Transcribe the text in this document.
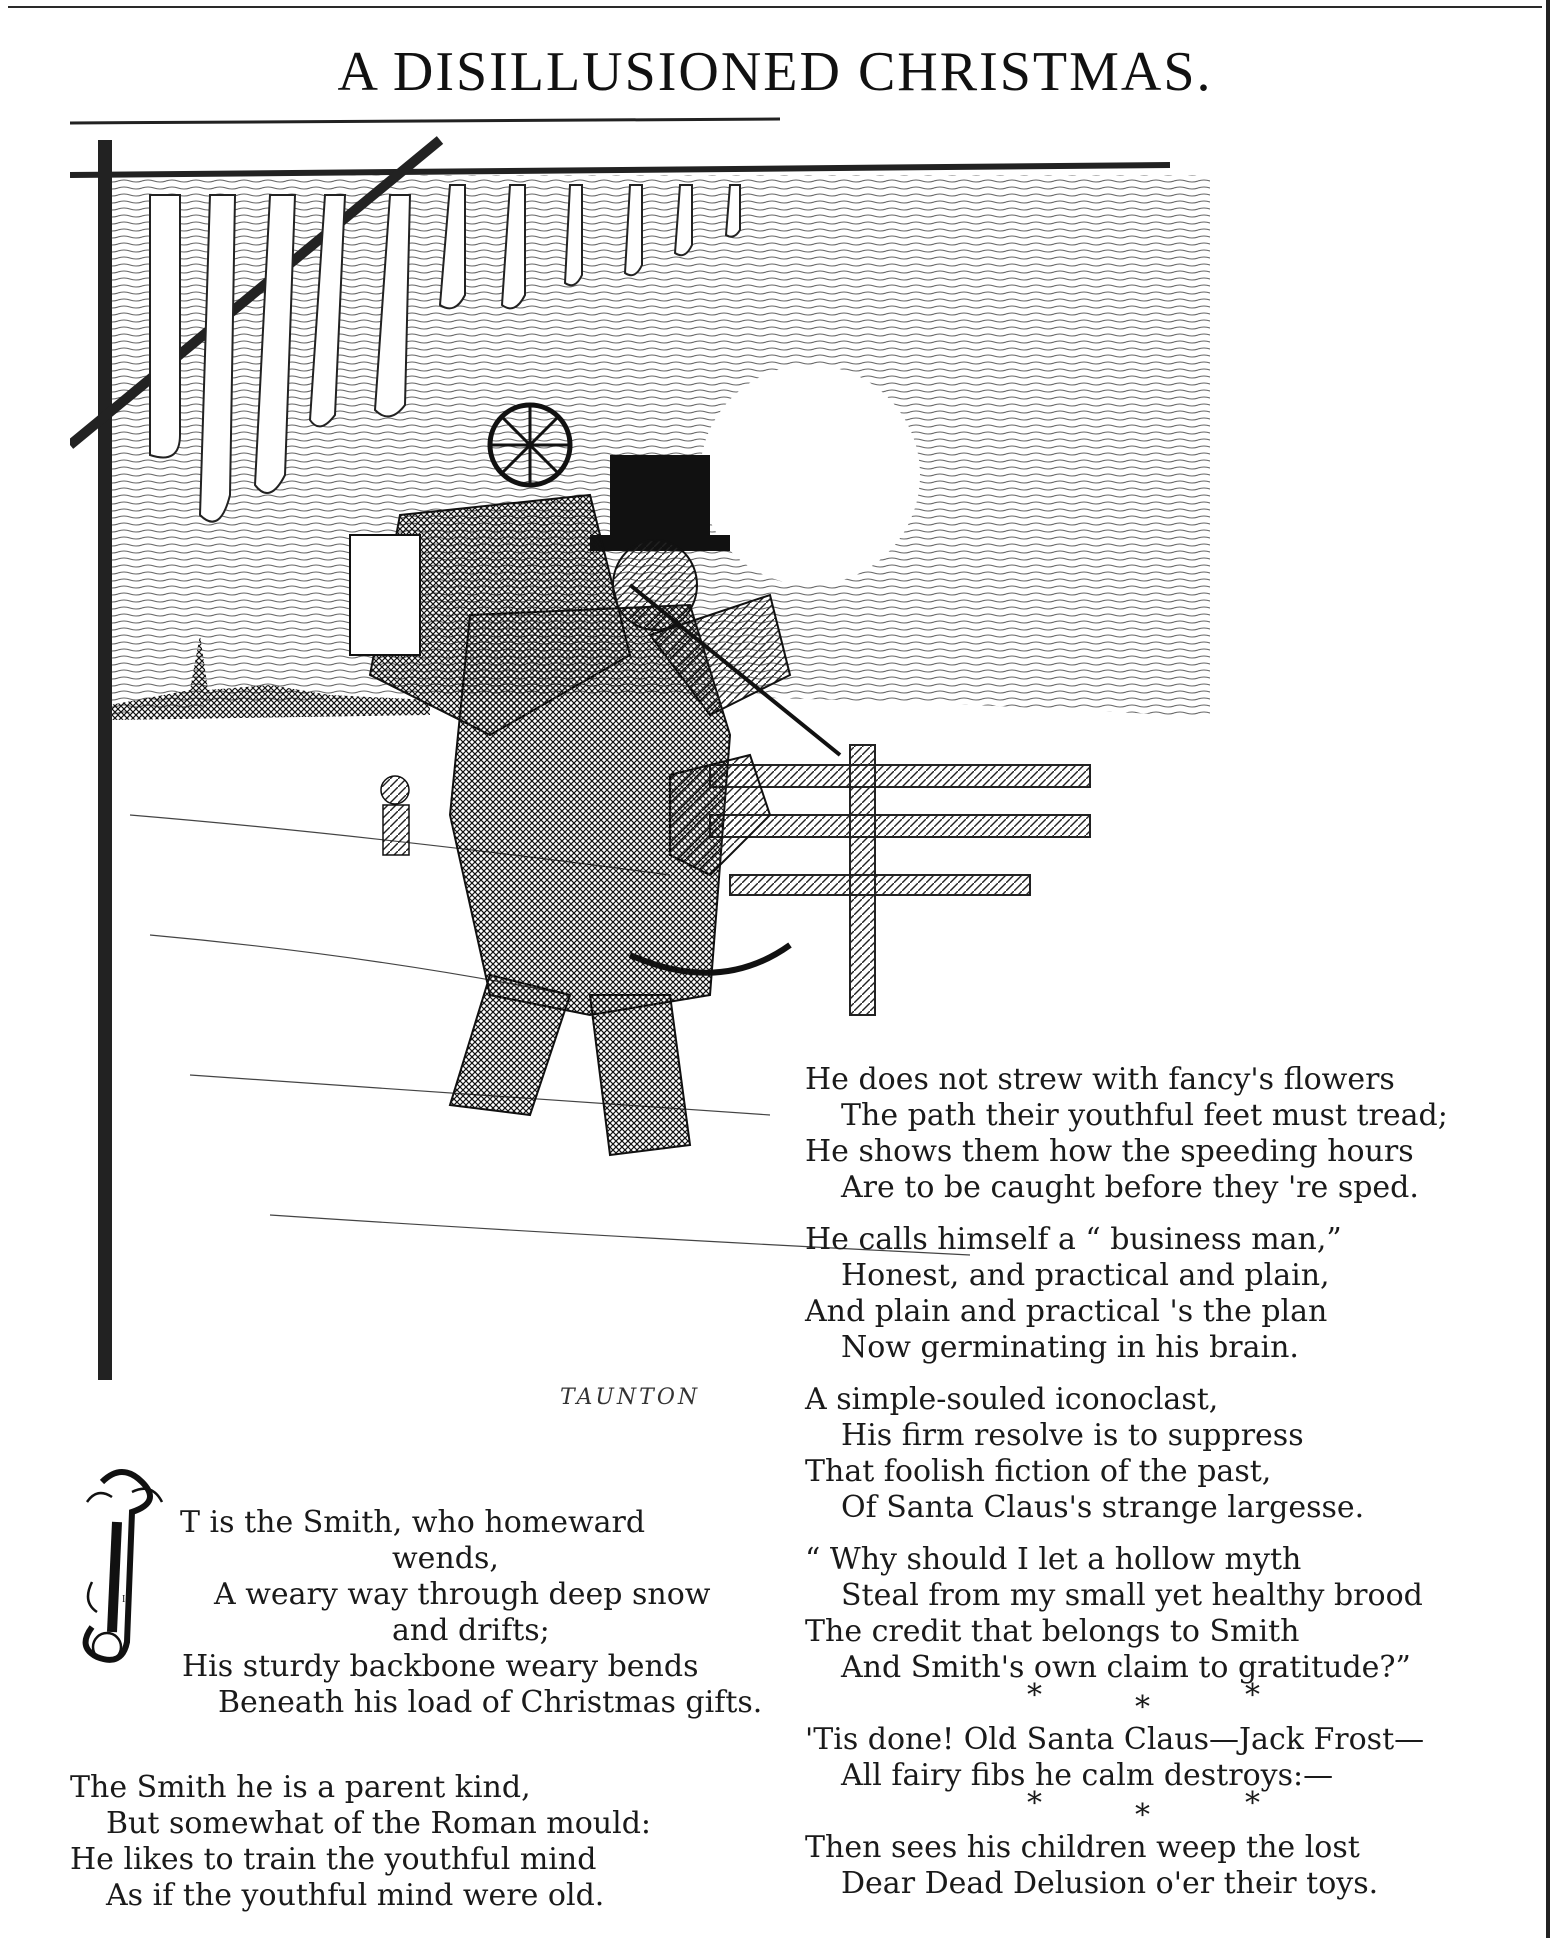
A DISILLUSIONED CHRISTMAS.
TAUNTON
I
T is the Smith, who homeward
wends,
A weary way through deep snow
and drifts;
His sturdy backbone weary bends
Beneath his load of Christmas gifts.
The Smith he is a parent kind,
But somewhat of the Roman mould:
He likes to train the youthful mind
As if the youthful mind were old.
He does not strew with fancy's flowers
The path their youthful feet must tread;
He shows them how the speeding hours
Are to be caught before they 're sped.
He calls himself a “ business man,”
Honest, and practical and plain,
And plain and practical 's the plan
Now germinating in his brain.
A simple-souled iconoclast,
His firm resolve is to suppress
That foolish fiction of the past,
Of Santa Claus's strange largesse.
“ Why should I let a hollow myth
Steal from my small yet healthy brood
The credit that belongs to Smith
And Smith's own claim to gratitude?”
*	*	*
'Tis done! Old Santa Claus—Jack Frost—
All fairy fibs he calm destroys:—
*	*	*
Then sees his children weep the lost
Dear Dead Delusion o'er their toys.
